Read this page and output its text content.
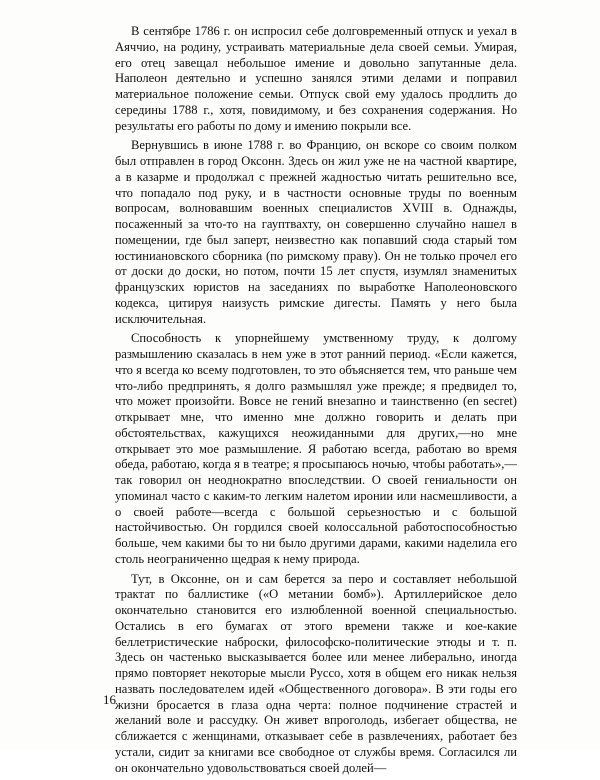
В сентябре 1786 г. он испросил себе долговременный отпуск и уехал в Аяччио, на родину, устраивать материальные дела своей семьи. Умирая, его отец завещал небольшое имение и довольно запутанные дела. Наполеон деятельно и успешно занялся этими делами и поправил материальное положение семьи. Отпуск свой ему удалось продлить до середины 1788 г., хотя, повидимому, и без сохранения содержания. Но результаты его работы по дому и имению покрыли все.

Вернувшись в июне 1788 г. во Францию, он вскоре со своим полком был отправлен в город Оксонн. Здесь он жил уже не на частной квартире, а в казарме и продолжал с прежней жадностью читать решительно все, что попадало под руку, и в частности основные труды по военным вопросам, волновавшим военных специалистов XVIII в. Однажды, посаженный за что-то на гауптвахту, он совершенно случайно нашел в помещении, где был заперт, неизвестно как попавший сюда старый том юстиниановского сборника (по римскому праву). Он не только прочел его от доски до доски, но потом, почти 15 лет спустя, изумлял знаменитых французских юристов на заседаниях по выработке Наполеоновского кодекса, цитируя наизусть римские дигесты. Память у него была исключительная.

Способность к упорнейшему умственному труду, к долгому размышлению сказалась в нем уже в этот ранний период. «Если кажется, что я всегда ко всему подготовлен, то это объясняется тем, что раньше чем что-либо предпринять, я долго размышлял уже прежде; я предвидел то, что может произойти. Вовсе не гений внезапно и таинственно (en secret) открывает мне, что именно мне должно говорить и делать при обстоятельствах, кажущихся неожиданными для других,—но мне открывает это мое размышление. Я работаю всегда, работаю во время обеда, работаю, когда я в театре; я просыпаюсь ночью, чтобы работать»,—так говорил он неоднократно впоследствии. О своей гениальности он упоминал часто с каким-то легким налетом иронии или насмешливости, а о своей работе—всегда с большой серьезностью и с большой настойчивостью. Он гордился своей колоссальной работоспособностью больше, чем какими бы то ни было другими дарами, какими наделила его столь неограниченно щедрая к нему природа.

Тут, в Оксонне, он и сам берется за перо и составляет небольшой трактат по баллистике («О метании бомб»). Артиллерийское дело окончательно становится его излюбленной военной специальностью. Остались в его бумагах от этого времени также и кое-какие беллетристические наброски, философско-политические этюды и т. п. Здесь он частенько высказывается более или менее либерально, иногда прямо повторяет некоторые мысли Руссо, хотя в общем его никак нельзя назвать последователем идей «Общественного договора». В эти годы его жизни бросается в глаза одна черта: полное подчинение страстей и желаний воле и рассудку. Он живет впроголодь, избегает общества, не сближается с женщинами, отказывает себе в развлечениях, работает без устали, сидит за книгами все свободное от службы время. Согласился ли он окончательно удовольствоваться своей долей—

16
